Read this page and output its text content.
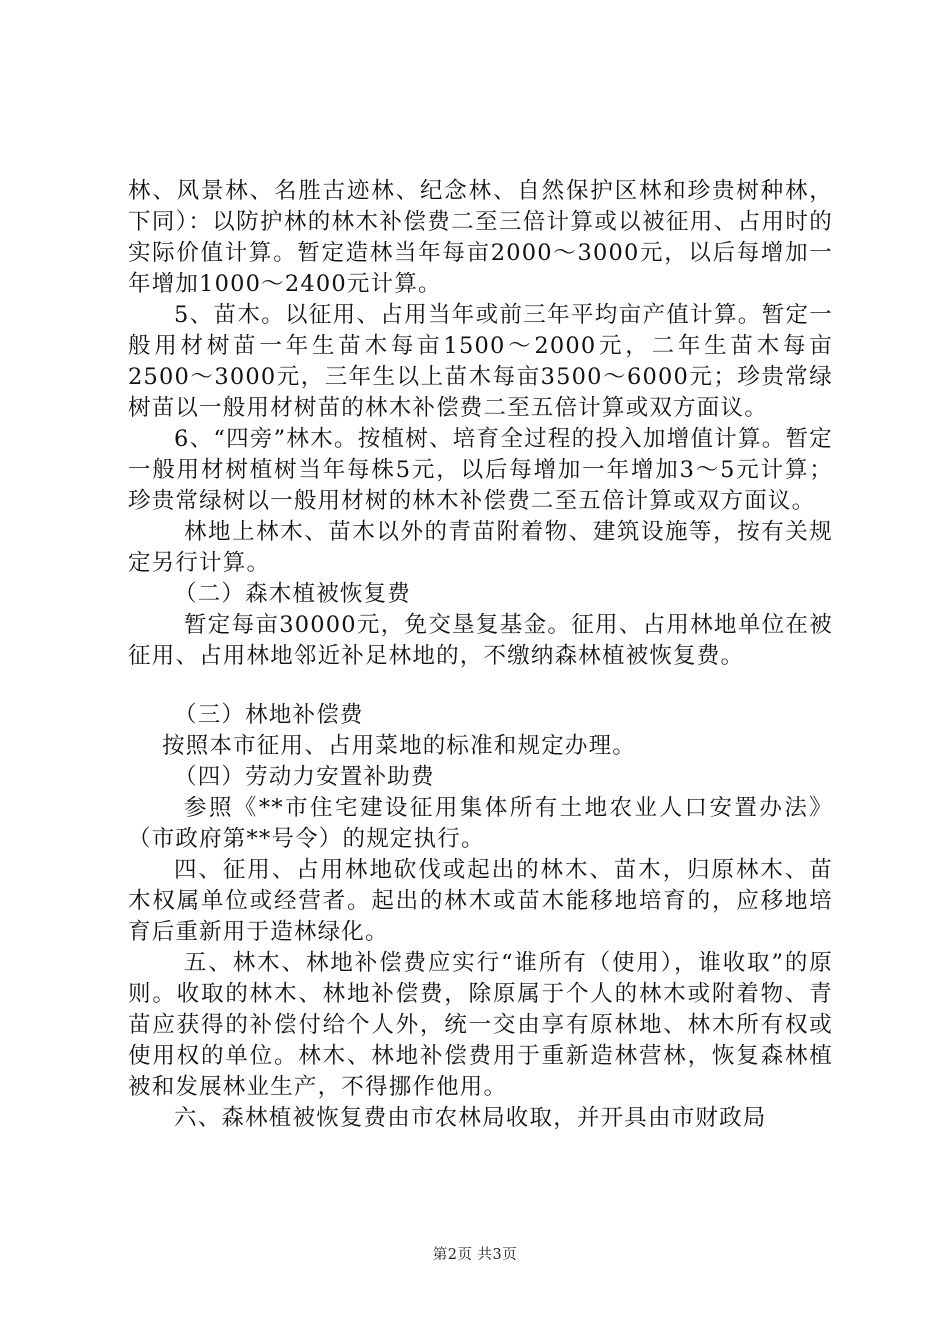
林、风景林、名胜古迹林、纪念林、自然保护区林和珍贵树种林，下同）：以防护林的林木补偿费二至三倍计算或以被征用、占用时的实际价值计算。暂定造林当年每亩2000～3000元，以后每增加一年增加1000～2400元计算。

5、苗木。以征用、占用当年或前三年平均亩产值计算。暂定一般用材树苗一年生苗木每亩1500～2000元，二年生苗木每亩2500～3000元，三年生以上苗木每亩3500～6000元；珍贵常绿树苗以一般用材树苗的林木补偿费二至五倍计算或双方面议。

6、“四旁”林木。按植树、培育全过程的投入加增值计算。暂定一般用材树植树当年每株5元，以后每增加一年增加3～5元计算；珍贵常绿树以一般用材树的林木补偿费二至五倍计算或双方面议。

林地上林木、苗木以外的青苗附着物、建筑设施等，按有关规定另行计算。

（二）森木植被恢复费

暂定每亩30000元，免交垦复基金。征用、占用林地单位在被征用、占用林地邻近补足林地的，不缴纳森林植被恢复费。

（三）林地补偿费

按照本市征用、占用菜地的标准和规定办理。

（四）劳动力安置补助费

参照《**市住宅建设征用集体所有土地农业人口安置办法》（市政府第**号令）的规定执行。

四、征用、占用林地砍伐或起出的林木、苗木，归原林木、苗木权属单位或经营者。起出的林木或苗木能移地培育的，应移地培育后重新用于造林绿化。

五、林木、林地补偿费应实行“谁所有（使用），谁收取”的原则。收取的林木、林地补偿费，除原属于个人的林木或附着物、青苗应获得的补偿付给个人外，统一交由享有原林地、林木所有权或使用权的单位。林木、林地补偿费用于重新造林营林，恢复森林植被和发展林业生产，不得挪作他用。

六、森林植被恢复费由市农林局收取，并开具由市财政局

第2页 共3页
